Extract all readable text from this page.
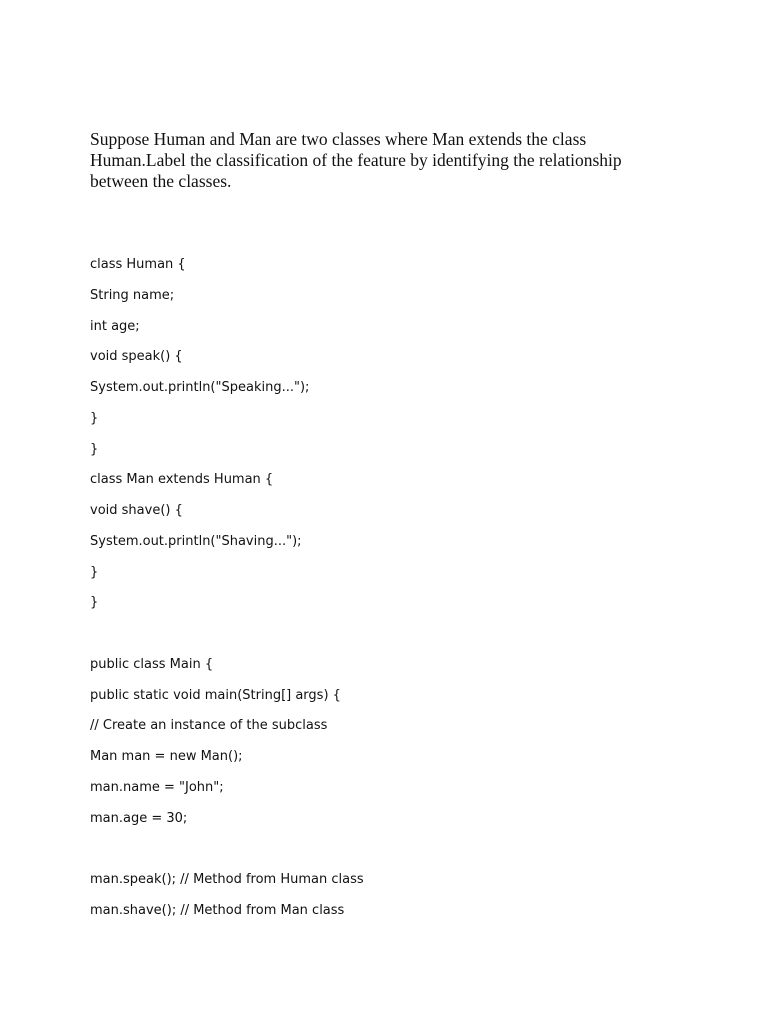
Suppose Human and Man are two classes where Man extends the class
Human.Label the classification of the feature by identifying the relationship
between the classes.
class Human {
String name;
int age;
void speak() {
System.out.println("Speaking...");
}
}
class Man extends Human {
void shave() {
System.out.println("Shaving...");
}
}
public class Main {
public static void main(String[] args) {
// Create an instance of the subclass
Man man = new Man();
man.name = "John";
man.age = 30;
man.speak(); // Method from Human class
man.shave(); // Method from Man class
